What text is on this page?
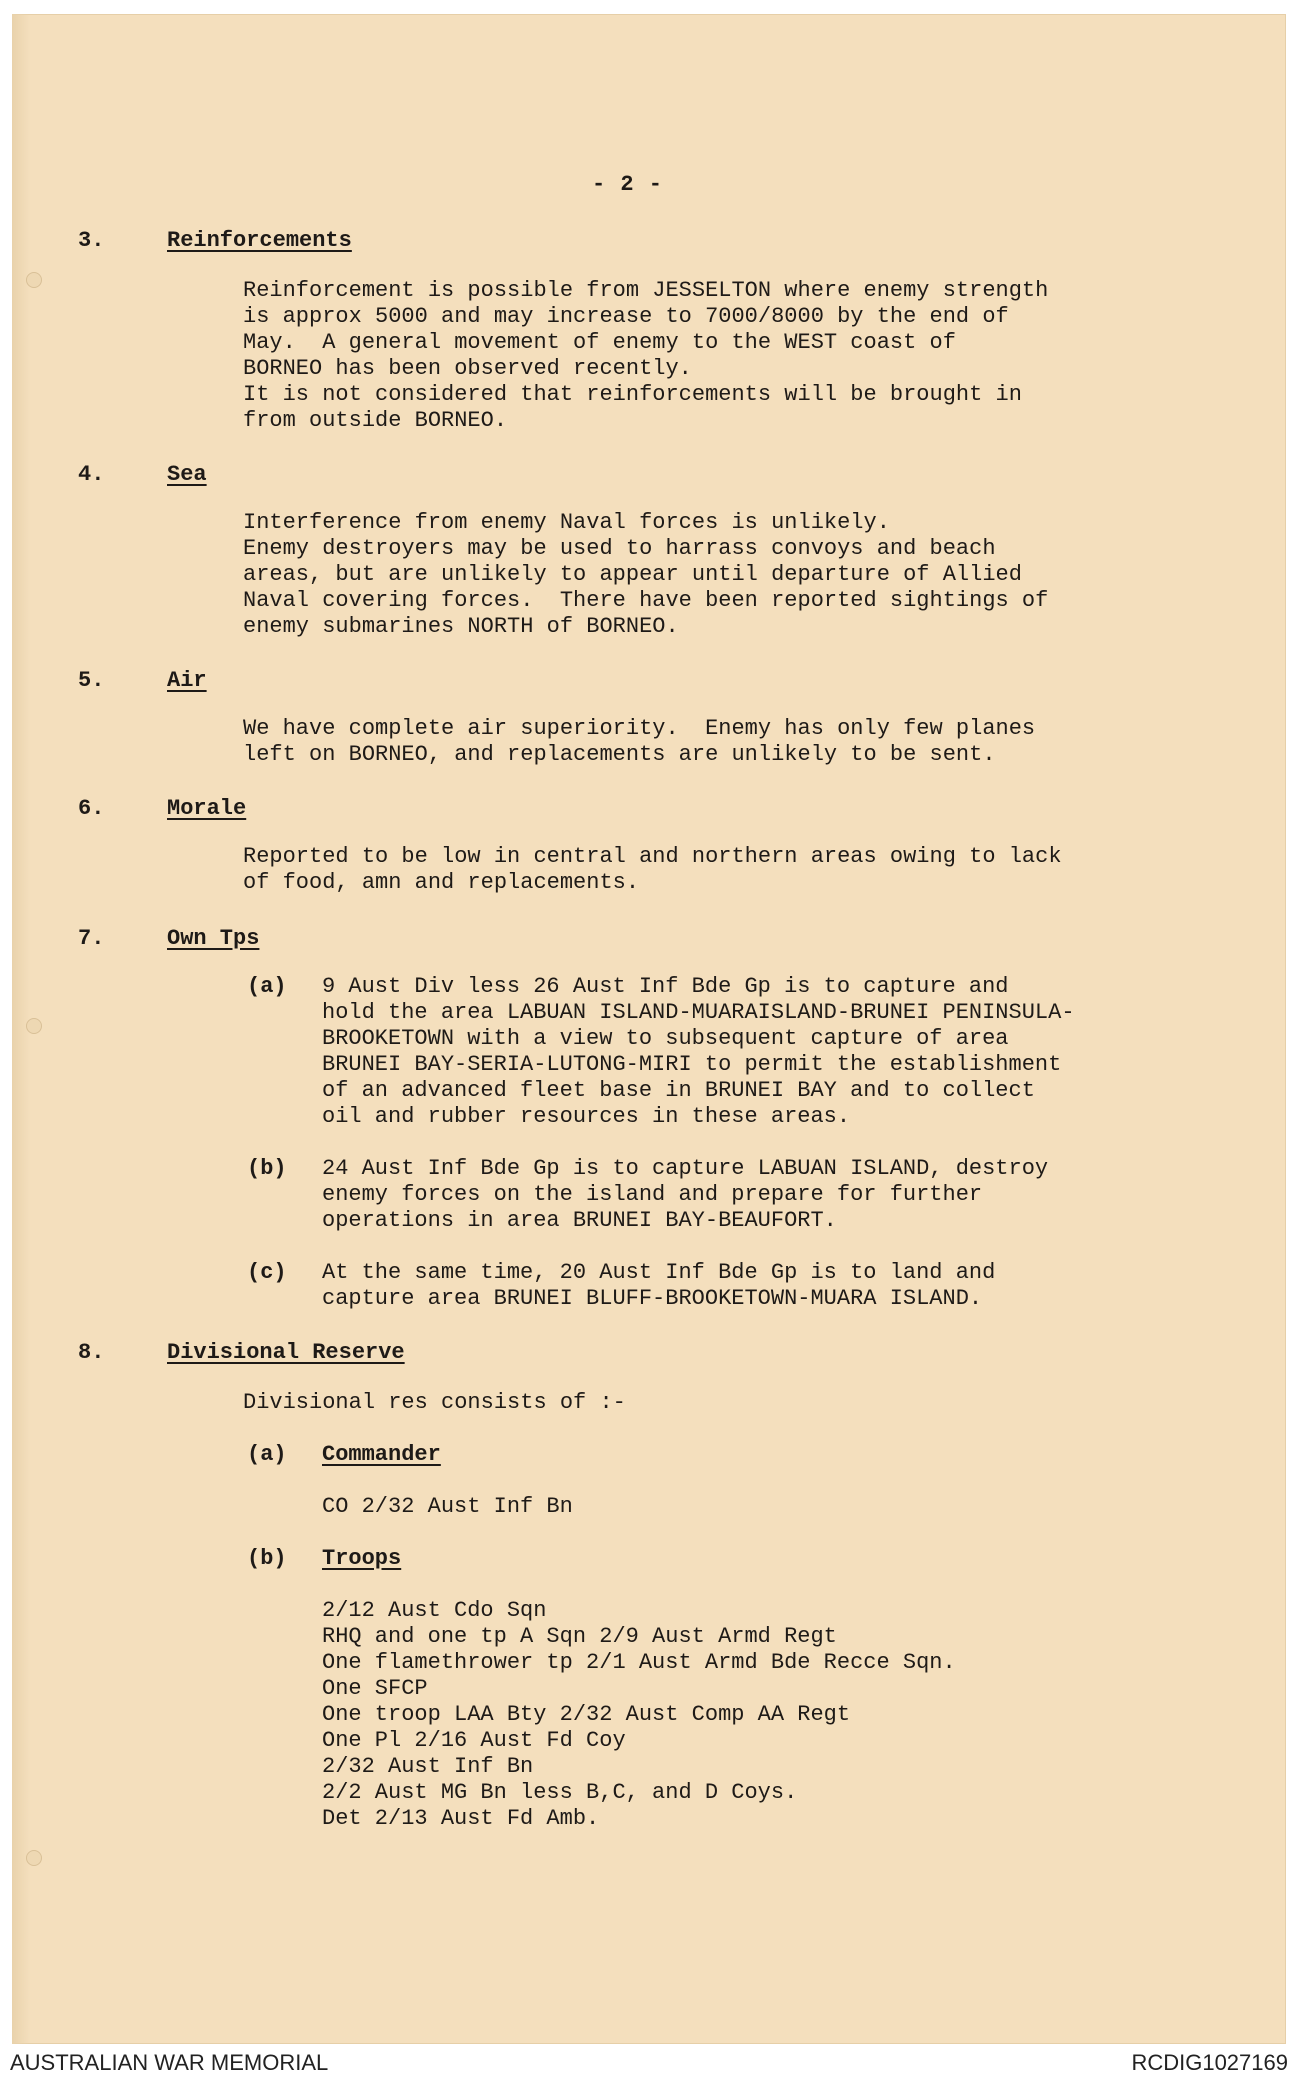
- 2 -
3.	Reinforcements
Reinforcement is possible from JESSELTON where enemy strength
is approx 5000 and may increase to 7000/8000 by the end of
May.  A general movement of enemy to the WEST coast of
BORNEO has been observed recently.
It is not considered that reinforcements will be brought in
from outside BORNEO.
4.	Sea
Interference from enemy Naval forces is unlikely.
Enemy destroyers may be used to harrass convoys and beach
areas, but are unlikely to appear until departure of Allied
Naval covering forces.  There have been reported sightings of
enemy submarines NORTH of BORNEO.
5.	Air
We have complete air superiority.  Enemy has only few planes
left on BORNEO, and replacements are unlikely to be sent.
6.	Morale
Reported to be low in central and northern areas owing to lack
of food, amn and replacements.
7.	Own Tps
(a) 9 Aust Div less 26 Aust Inf Bde Gp is to capture and
hold the area LABUAN ISLAND-MUARAISLAND-BRUNEI PENINSULA-
BROOKETOWN with a view to subsequent capture of area
BRUNEI BAY-SERIA-LUTONG-MIRI to permit the establishment
of an advanced fleet base in BRUNEI BAY and to collect
oil and rubber resources in these areas.
(b) 24 Aust Inf Bde Gp is to capture LABUAN ISLAND, destroy
enemy forces on the island and prepare for further
operations in area BRUNEI BAY-BEAUFORT.
(c) At the same time, 20 Aust Inf Bde Gp is to land and
capture area BRUNEI BLUFF-BROOKETOWN-MUARA ISLAND.
8.	Divisional Reserve
Divisional res consists of :-
(a) Commander
CO 2/32 Aust Inf Bn
(b) Troops
2/12 Aust Cdo Sqn
RHQ and one tp A Sqn 2/9 Aust Armd Regt
One flamethrower tp 2/1 Aust Armd Bde Recce Sqn.
One SFCP
One troop LAA Bty 2/32 Aust Comp AA Regt
One Pl 2/16 Aust Fd Coy
2/32 Aust Inf Bn
2/2 Aust MG Bn less B,C, and D Coys.
Det 2/13 Aust Fd Amb.
AUSTRALIAN WAR MEMORIAL	RCDIG1027169
